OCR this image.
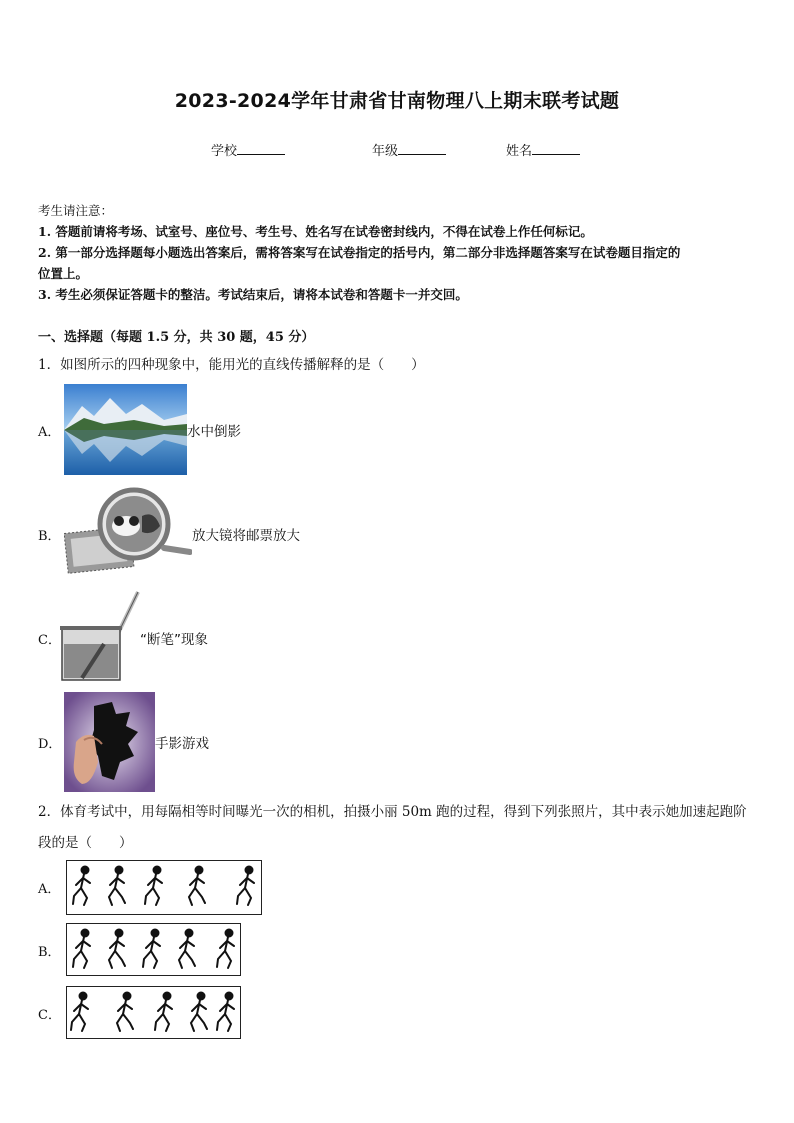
2023-2024学年甘肃省甘南物理八上期末联考试题
学校	年级	姓名
考生请注意：
1. 答题前请将考场、试室号、座位号、考生号、姓名写在试卷密封线内，不得在试卷上作任何标记。
2. 第一部分选择题每小题选出答案后，需将答案写在试卷指定的括号内，第二部分非选择题答案写在试卷题目指定的
位置上。
3. 考生必须保证答题卡的整洁。考试结束后，请将本试卷和答题卡一并交回。
一、选择题（每题 1.5 分，共 30 题，45 分）
1．如图所示的四种现象中，能用光的直线传播解释的是（　　）
A．	水中倒影
B．	放大镜将邮票放大
C．	“断笔”现象
D．	手影游戏
2．体育考试中，用每隔相等时间曝光一次的相机，拍摄小丽 50m 跑的过程，得到下列张照片，其中表示她加速起跑阶
段的是（　　）
A．
B．
C．
